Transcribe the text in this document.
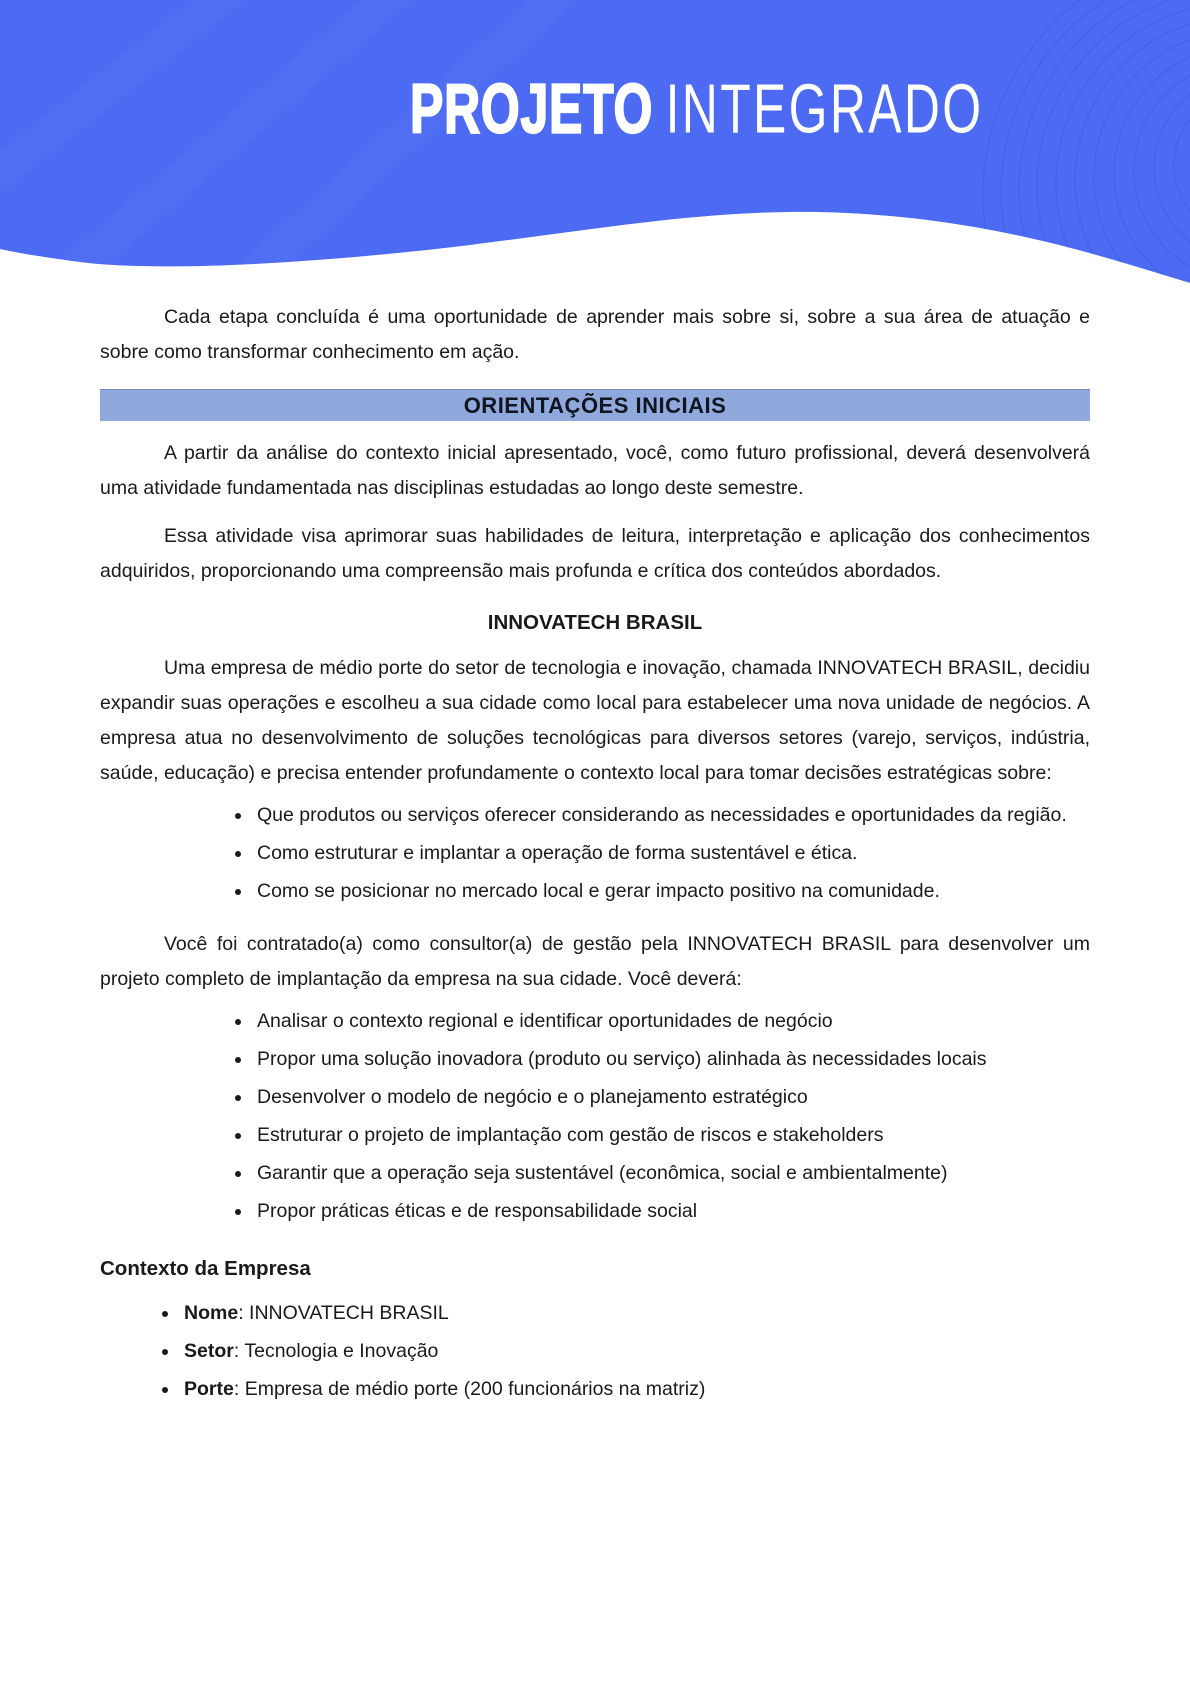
PROJETO INTEGRADO

Cada etapa concluída é uma oportunidade de aprender mais sobre si, sobre a sua área de atuação e sobre como transformar conhecimento em ação.

ORIENTAÇÕES INICIAIS

A partir da análise do contexto inicial apresentado, você, como futuro profissional, deverá desenvolverá uma atividade fundamentada nas disciplinas estudadas ao longo deste semestre.

Essa atividade visa aprimorar suas habilidades de leitura, interpretação e aplicação dos conhecimentos adquiridos, proporcionando uma compreensão mais profunda e crítica dos conteúdos abordados.

INNOVATECH BRASIL

Uma empresa de médio porte do setor de tecnologia e inovação, chamada INNOVATECH BRASIL, decidiu expandir suas operações e escolheu a sua cidade como local para estabelecer uma nova unidade de negócios. A empresa atua no desenvolvimento de soluções tecnológicas para diversos setores (varejo, serviços, indústria, saúde, educação) e precisa entender profundamente o contexto local para tomar decisões estratégicas sobre:

• Que produtos ou serviços oferecer considerando as necessidades e oportunidades da região.
• Como estruturar e implantar a operação de forma sustentável e ética.
• Como se posicionar no mercado local e gerar impacto positivo na comunidade.

Você foi contratado(a) como consultor(a) de gestão pela INNOVATECH BRASIL para desenvolver um projeto completo de implantação da empresa na sua cidade. Você deverá:

• Analisar o contexto regional e identificar oportunidades de negócio
• Propor uma solução inovadora (produto ou serviço) alinhada às necessidades locais
• Desenvolver o modelo de negócio e o planejamento estratégico
• Estruturar o projeto de implantação com gestão de riscos e stakeholders
• Garantir que a operação seja sustentável (econômica, social e ambientalmente)
• Propor práticas éticas e de responsabilidade social
Contexto da Empresa
• Nome: INNOVATECH BRASIL
• Setor: Tecnologia e Inovação
• Porte: Empresa de médio porte (200 funcionários na matriz)
